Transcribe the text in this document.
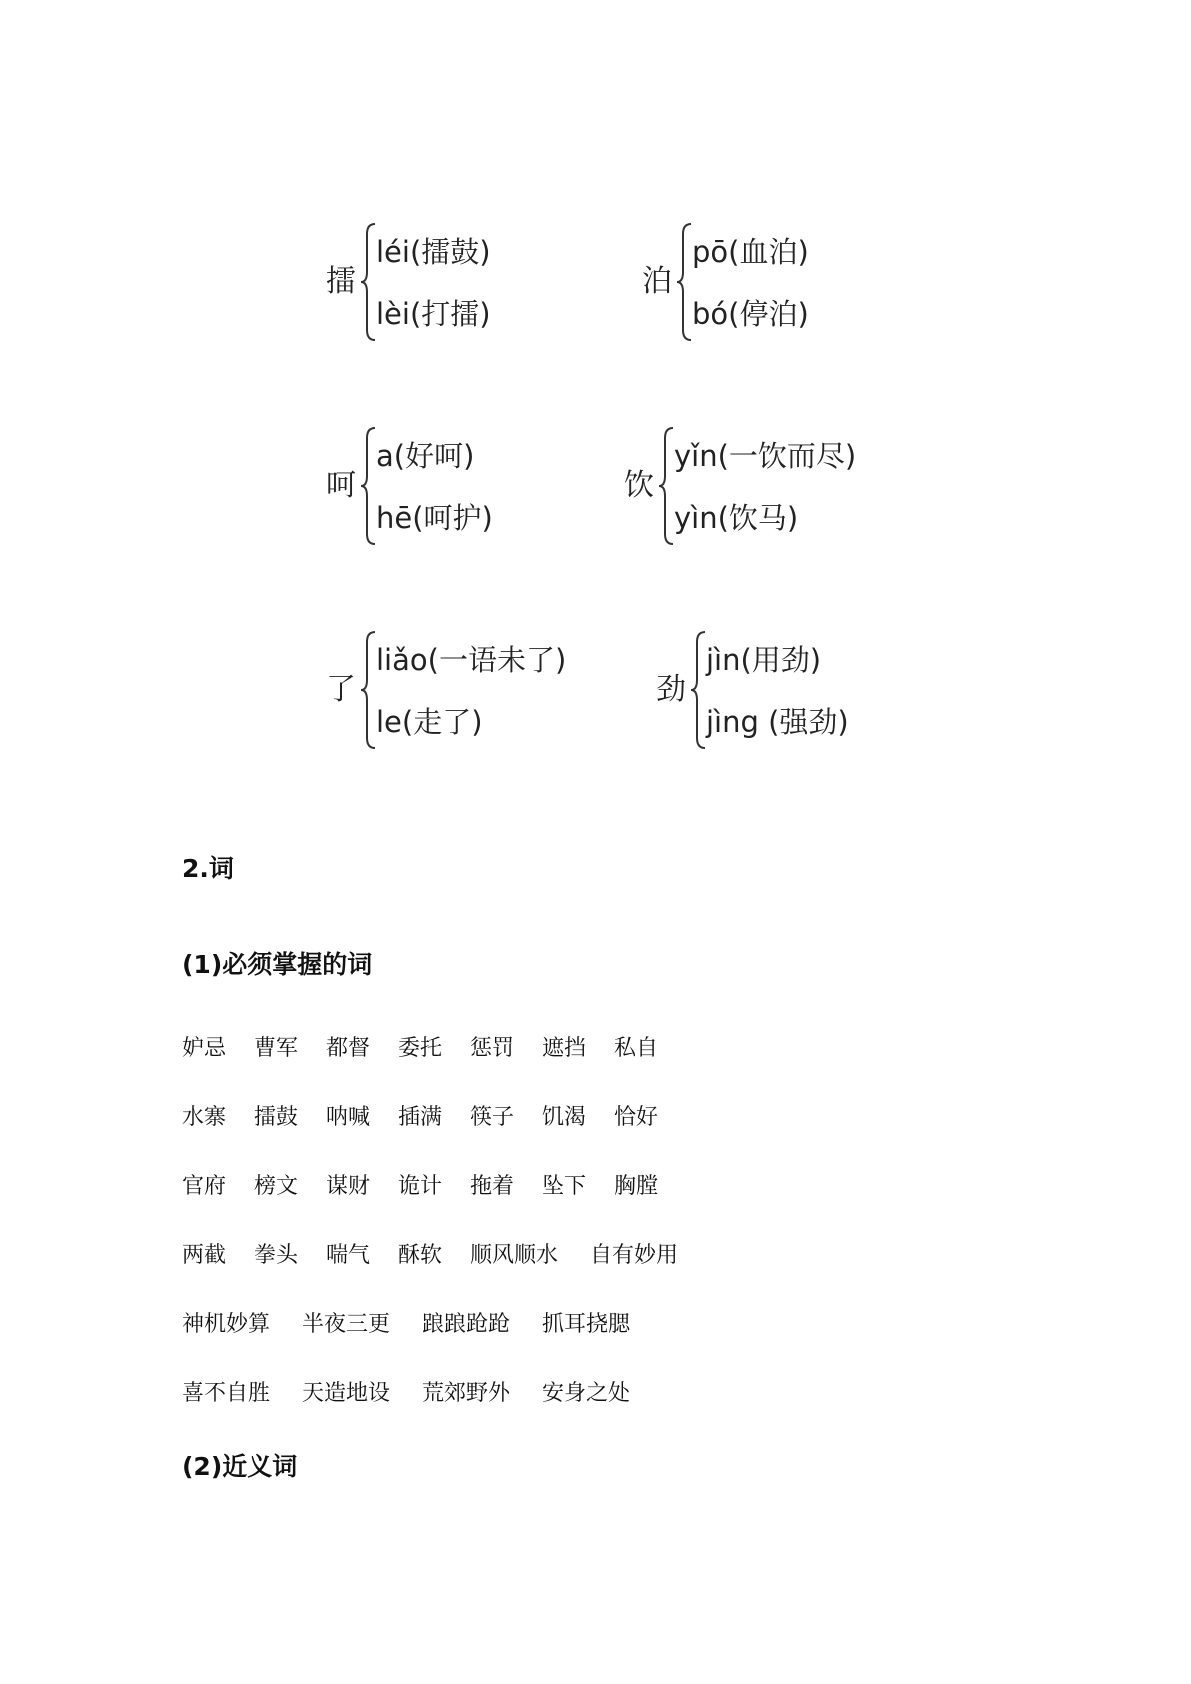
擂
léi(擂鼓)
lèi(打擂)
泊
pō(血泊)
bó(停泊)
呵
a(好呵)
hē(呵护)
饮
yǐn(一饮而尽)
yìn(饮马)
了
liǎo(一语未了)
le(走了)
劲
jìn(用劲)
jìng (强劲)
2.词
(1)必须掌握的词
妒忌 曹军 都督 委托 惩罚 遮挡 私自
水寨 擂鼓 呐喊 插满 筷子 饥渴 恰好
官府 榜文 谋财 诡计 拖着 坠下 胸膛
两截 拳头 喘气 酥软 顺风顺水 自有妙用
神机妙算 半夜三更 踉踉跄跄 抓耳挠腮
喜不自胜 天造地设 荒郊野外 安身之处
(2)近义词
